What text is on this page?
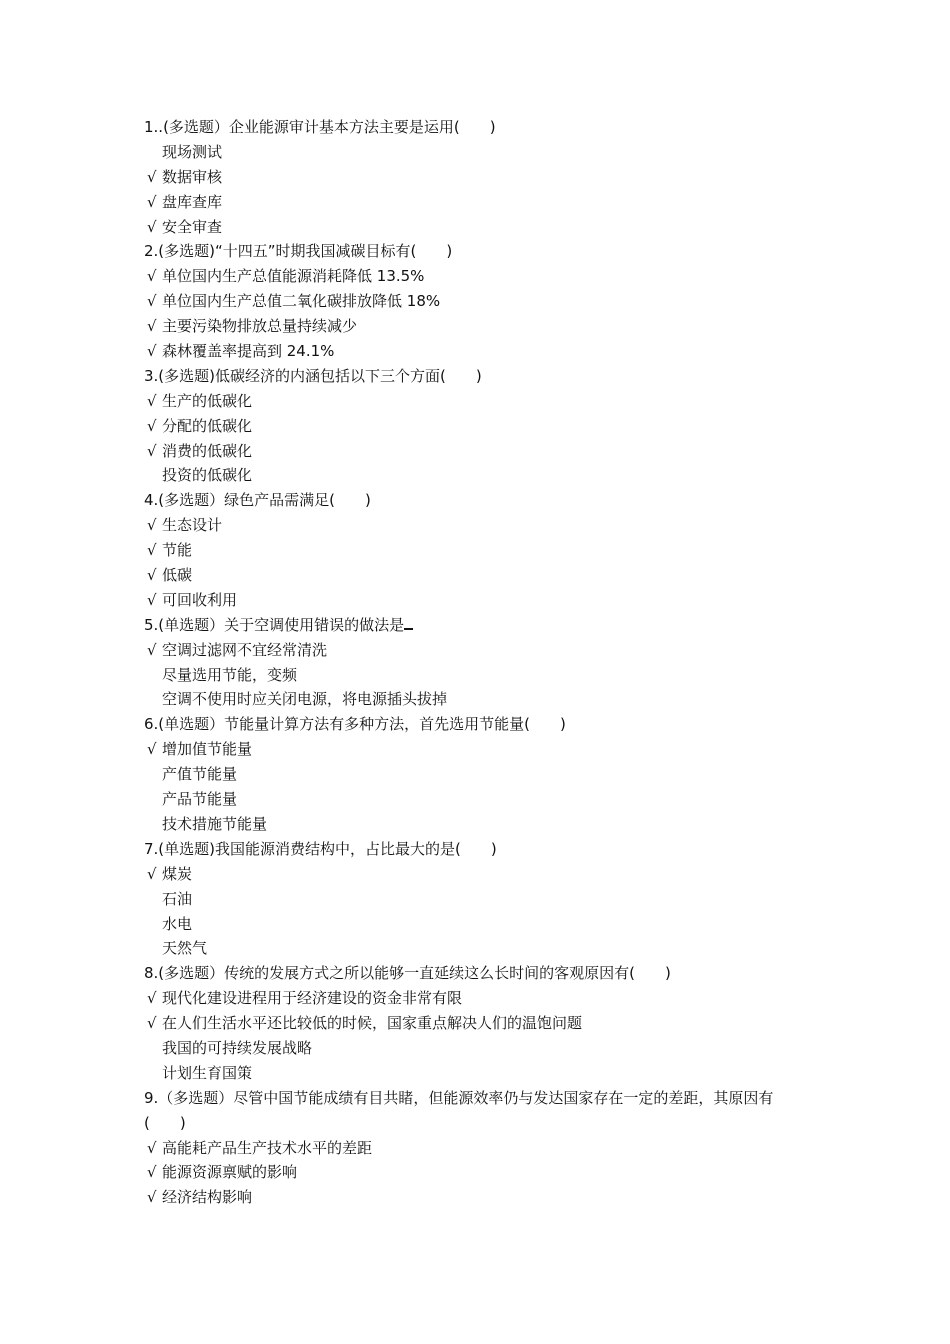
1..(多选题）企业能源审计基本方法主要是运用(　　)
现场测试
√ 数据审核
√ 盘库查库
√ 安全审查
2.(多选题)“十四五”时期我国减碳目标有(　　)
√ 单位国内生产总值能源消耗降低 13.5%
√ 单位国内生产总值二氧化碳排放降低 18%
√ 主要污染物排放总量持续减少
√ 森林覆盖率提高到 24.1%
3.(多选题)低碳经济的内涵包括以下三个方面(　　)
√ 生产的低碳化
√ 分配的低碳化
√ 消费的低碳化
投资的低碳化
4.(多选题）绿色产品需满足(　　)
√ 生态设计
√ 节能
√ 低碳
√ 可回收利用
5.(单选题）关于空调使用错误的做法是
√ 空调过滤网不宜经常清洗
尽量选用节能，变频
空调不使用时应关闭电源，将电源插头拔掉
6.(单选题）节能量计算方法有多种方法，首先选用节能量(　　)
√ 增加值节能量
产值节能量
产品节能量
技术措施节能量
7.(单选题)我国能源消费结构中，占比最大的是(　　)
√ 煤炭
石油
水电
天然气
8.(多选题）传统的发展方式之所以能够一直延续这么长时间的客观原因有(　　)
√ 现代化建设进程用于经济建设的资金非常有限
√ 在人们生活水平还比较低的时候，国家重点解决人们的温饱问题
我国的可持续发展战略
计划生育国策
9.（多选题）尽管中国节能成绩有目共睹，但能源效率仍与发达国家存在一定的差距，其原因有(　　)
√ 高能耗产品生产技术水平的差距
√ 能源资源禀赋的影响
√ 经济结构影响
